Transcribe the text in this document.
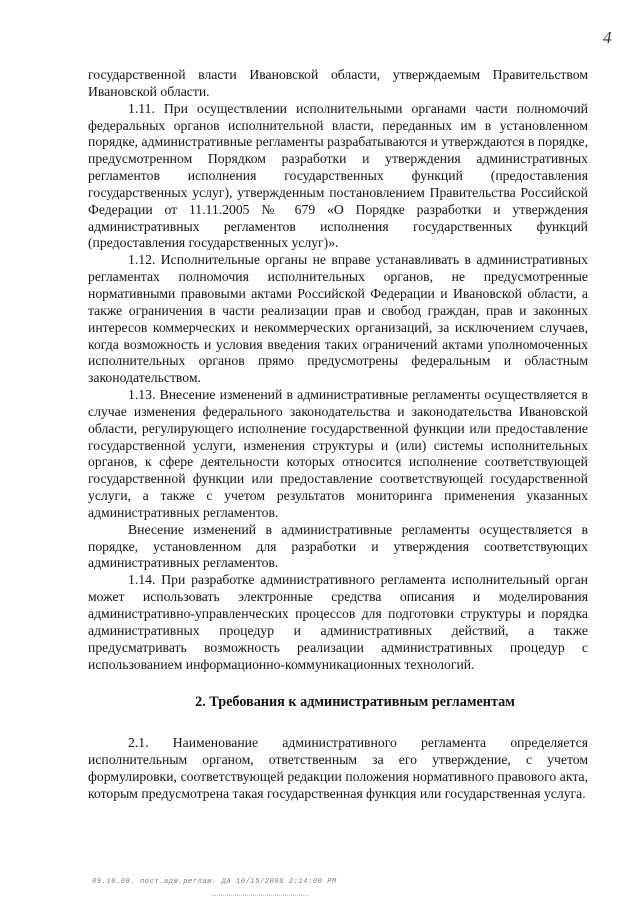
4

государственной власти Ивановской области, утверждаемым Правительством Ивановской области.

1.11. При осуществлении исполнительными органами части полномочий федеральных органов исполнительной власти, переданных им в установленном порядке, административные регламенты разрабатываются и утверждаются в порядке, предусмотренном Порядком разработки и утверждения административных регламентов исполнения государственных функций (предоставления государственных услуг), утвержденным постановлением Правительства Российской Федерации от 11.11.2005 № 679 «О Порядке разработки и утверждения административных регламентов исполнения государственных функций (предоставления государственных услуг)».

1.12. Исполнительные органы не вправе устанавливать в административных регламентах полномочия исполнительных органов, не предусмотренные нормативными правовыми актами Российской Федерации и Ивановской области, а также ограничения в части реализации прав и свобод граждан, прав и законных интересов коммерческих и некоммерческих организаций, за исключением случаев, когда возможность и условия введения таких ограничений актами уполномоченных исполнительных органов прямо предусмотрены федеральным и областным законодательством.

1.13. Внесение изменений в административные регламенты осуществляется в случае изменения федерального законодательства и законодательства Ивановской области, регулирующего исполнение государственной функции или предоставление государственной услуги, изменения структуры и (или) системы исполнительных органов, к сфере деятельности которых относится исполнение соответствующей государственной функции или предоставление соответствующей государственной услуги, а также с учетом результатов мониторинга применения указанных административных регламентов.

Внесение изменений в административные регламенты осуществляется в порядке, установленном для разработки и утверждения соответствующих административных регламентов.

1.14. При разработке административного регламента исполнительный орган может использовать электронные средства описания и моделирования административно-управленческих процессов для подготовки структуры и порядка административных процедур и административных действий, а также предусматривать возможность реализации административных процедур с использованием информационно-коммуникационных технологий.

2. Требования к административным регламентам

2.1. Наименование административного регламента определяется исполнительным органом, ответственным за его утверждение, с учетом формулировки, соответствующей редакции положения нормативного правового акта, которым предусмотрена такая государственная функция или государственная услуга.

09.10.08. пост.адм.реглам. ДА 10/15/2008 2:14:00 PM
